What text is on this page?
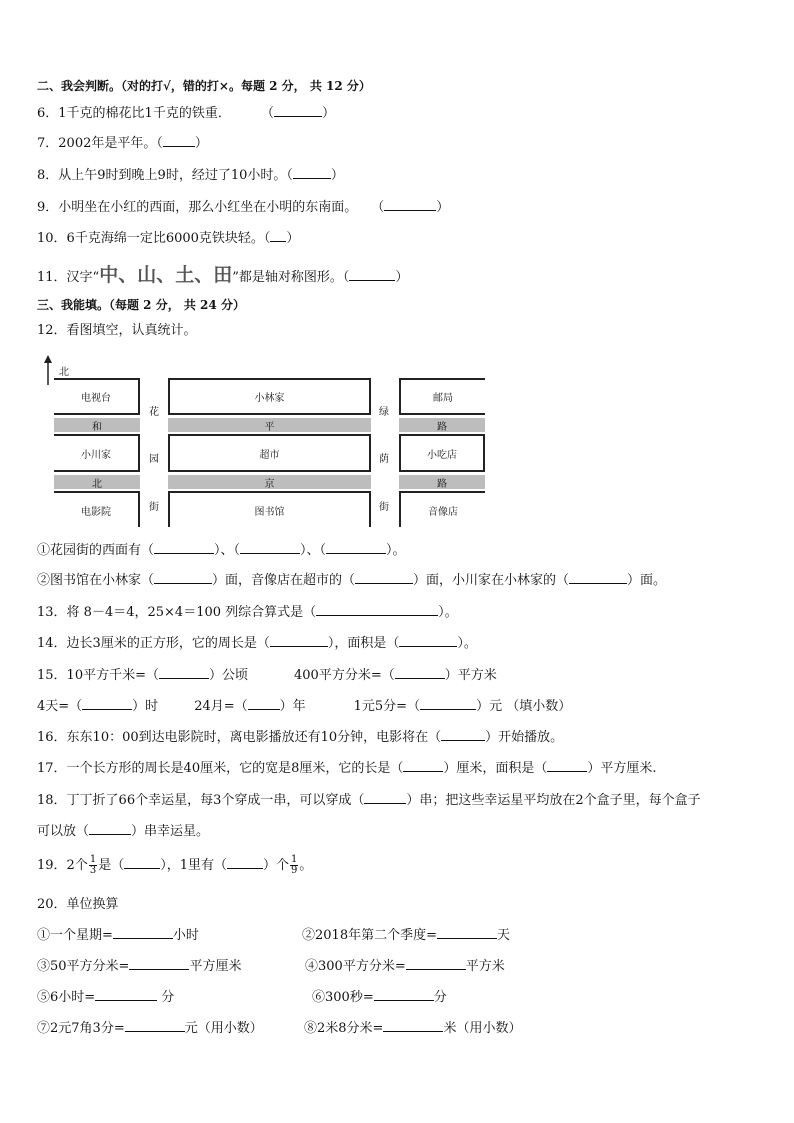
二、我会判断。（对的打√，错的打×。每题 2 分， 共 12 分）
6．1千克的棉花比1千克的铁重． （	）
7．2002年是平年。（ ）
8．从上午9时到晚上9时，经过了10小时。（	）
9．小明坐在小红的西面，那么小红坐在小明的东南面。 （	）
10．6千克海绵一定比6000克铁块轻。（ ）
11．汉字“中、山、土、田”都是轴对称图形。（	）
三、我能填。（每题 2 分， 共 24 分）
12．看图填空，认真统计。
北
电视台
和
小川家
北
电影院
小林家
平
超市
京
图书馆
邮局
路
小吃店
路
音像店
花
园
街
绿
荫
街
①花园街的西面有（	）、（	）、（	）。
②图书馆在小林家（	）面，音像店在超市的（	）面，小川家在小林家的（	）面。
13．将 8－4＝4，25×4＝100 列综合算式是（	）。
14．边长3厘米的正方形，它的周长是（	），面积是（	）。
15．10平方千米=（	）公顷	400平方分米=（	）平方米
4天=（	）时	24月=（ ）年	1元5分=（	）元 （填小数）
16．东东10：00到达电影院时，离电影播放还有10分钟，电影将在（	）开始播放。
17．一个长方形的周长是40厘米，它的宽是8厘米，它的长是（	）厘米，面积是（	）平方厘米.
18．丁丁折了66个幸运星，每3个穿成一串，可以穿成（	）串；把这些幸运星平均放在2个盒子里，每个盒子
可以放（	）串幸运星。
19．2个 $\frac{1}{3}$ 是（	），1里有（	）个 $\frac{1}{9}$ 。
20．单位换算
①一个星期=	小时	②2018年第二个季度=	天
③50平方分米=	平方厘米	④300平方分米=	平方米
⑤6小时=	分	⑥300秒=	分
⑦2元7角3分=	元（用小数）	⑧2米8分米=	米（用小数）
